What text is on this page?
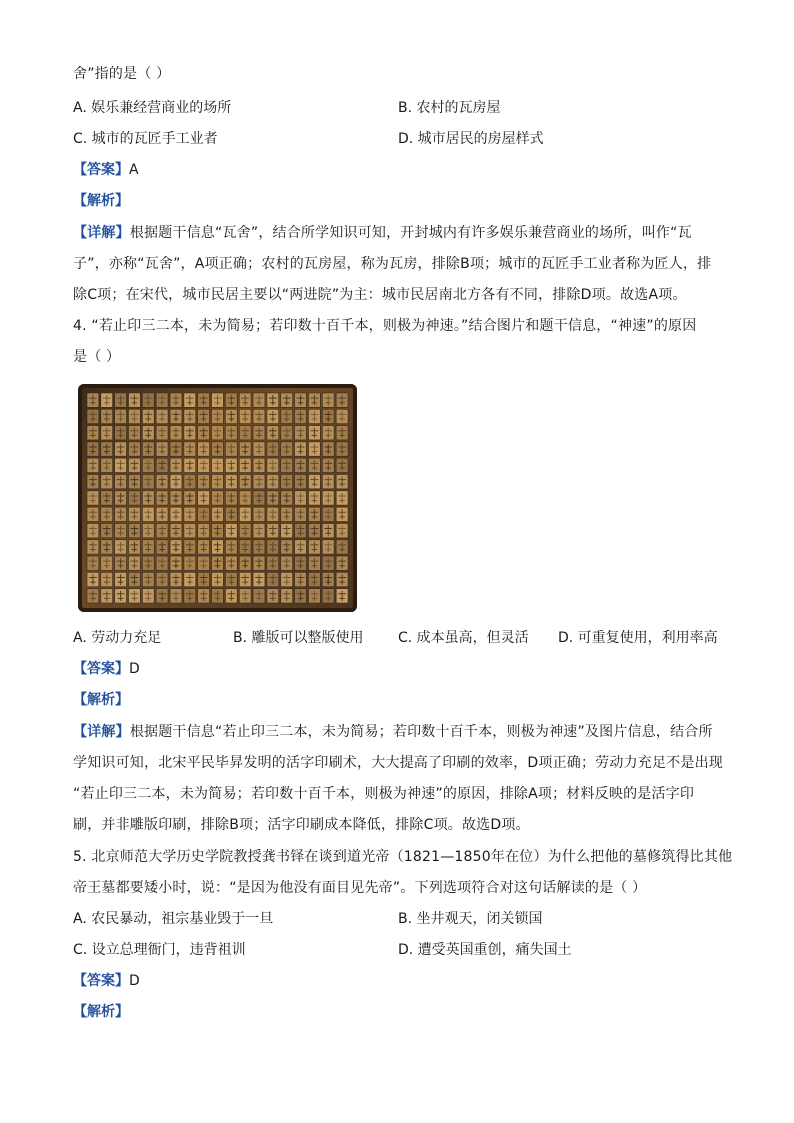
舍”指的是（ ）
A. 娱乐兼经营商业的场所	B. 农村的瓦房屋
C. 城市的瓦匠手工业者	D. 城市居民的房屋样式
【答案】A
【解析】
【详解】根据题干信息“瓦舍”，结合所学知识可知，开封城内有许多娱乐兼营商业的场所，叫作“瓦
子”，亦称“瓦舍”，A项正确；农村的瓦房屋，称为瓦房，排除B项；城市的瓦匠手工业者称为匠人，排
除C项；在宋代，城市民居主要以“两进院”为主：城市民居南北方各有不同，排除D项。故选A项。
4. “若止印三二本，未为简易；若印数十百千本，则极为神速。”结合图片和题干信息，“神速”的原因
是（ ）
A. 劳动力充足	B. 雕版可以整版使用 C. 成本虽高，但灵活 D. 可重复使用，利用率高
【答案】D
【解析】
【详解】根据题干信息“若止印三二本，未为简易；若印数十百千本，则极为神速”及图片信息，结合所
学知识可知，北宋平民毕昇发明的活字印刷术，大大提高了印刷的效率，D项正确；劳动力充足不是出现
“若止印三二本，未为简易；若印数十百千本，则极为神速”的原因，排除A项；材料反映的是活字印
刷，并非雕版印刷，排除B项；活字印刷成本降低，排除C项。故选D项。
5. 北京师范大学历史学院教授龚书铎在谈到道光帝（1821—1850年在位）为什么把他的墓修筑得比其他
帝王墓都要矮小时，说：“是因为他没有面目见先帝”。下列选项符合对这句话解读的是（ ）
A. 农民暴动，祖宗基业毁于一旦	B. 坐井观天，闭关锁国
C. 设立总理衙门，违背祖训	D. 遭受英国重创，痛失国土
【答案】D
【解析】
